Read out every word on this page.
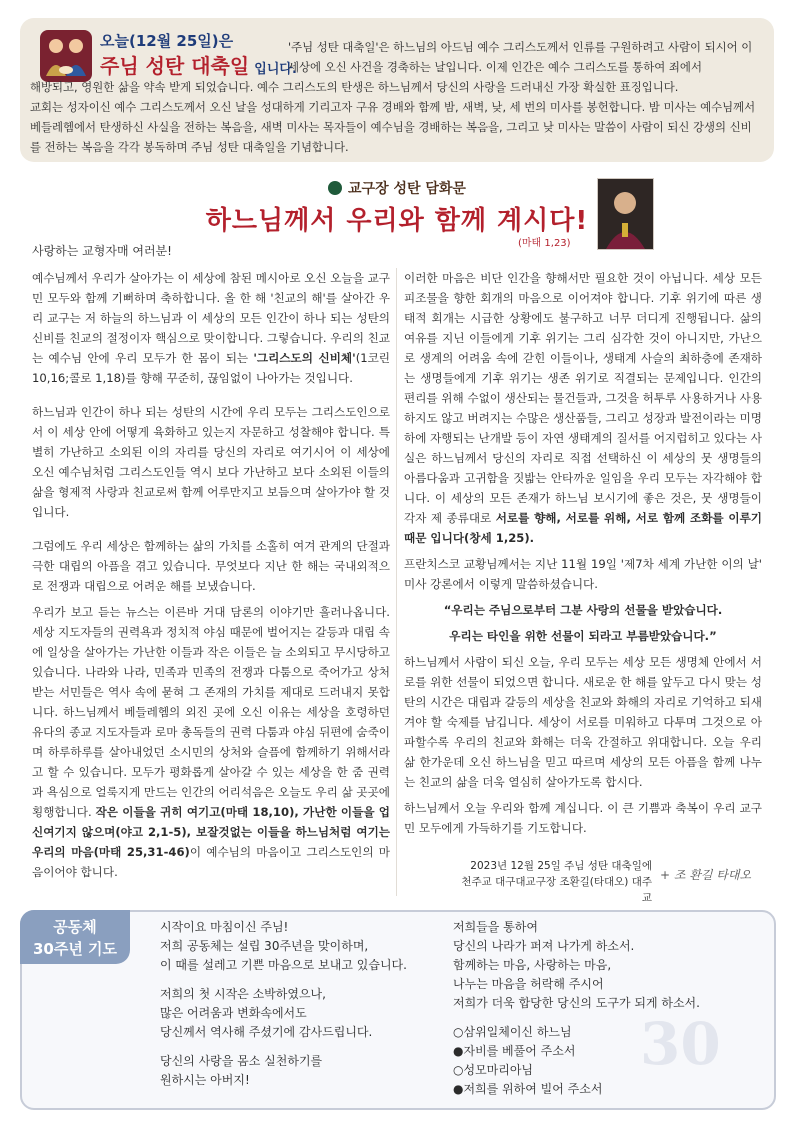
오늘(12월 25일)은
주님 성탄 대축일 입니다.
'주님 성탄 대축일'은 하느님의 아드님 예수 그리스도께서 인류를 구원하려고 사람이 되시어 이 세상에 오신 사건을 경축하는 날입니다. 이제 인간은 예수 그리스도를 통하여 죄에서

해방되고, 영원한 삶을 약속 받게 되었습니다. 예수 그리스도의 탄생은 하느님께서 당신의 사랑을 드러내신 가장 확실한 표징입니다.

교회는 성자이신 예수 그리스도께서 오신 날을 성대하게 기리고자 구유 경배와 함께 밤, 새벽, 낮, 세 번의 미사를 봉헌합니다. 밤 미사는 예수님께서 베들레헴에서 탄생하신 사실을 전하는 복음을, 새벽 미사는 목자들이 예수님을 경배하는 복음을, 그리고 낮 미사는 말씀이 사람이 되신 강생의 신비를 전하는 복음을 각각 봉독하며 주님 성탄 대축일을 기념합니다.

교구장 성탄 담화문
하느님께서 우리와 함께 계시다!
(마태 1,23)
사랑하는 교형자매 여러분!

예수님께서 우리가 살아가는 이 세상에 참된 메시아로 오신 오늘을 교구민 모두와 함께 기뻐하며 축하합니다. 올 한 해 '친교의 해'를 살아간 우리 교구는 저 하늘의 하느님과 이 세상의 모든 인간이 하나 되는 성탄의 신비를 친교의 절정이자 핵심으로 맞이합니다. 그렇습니다. 우리의 친교는 예수님 안에 우리 모두가 한 몸이 되는 '그리스도의 신비체'(1코린 10,16;콜로 1,18)를 향해 꾸준히, 끊임없이 나아가는 것입니다.

하느님과 인간이 하나 되는 성탄의 시간에 우리 모두는 그리스도인으로서 이 세상 안에 어떻게 육화하고 있는지 자문하고 성찰해야 합니다. 특별히 가난하고 소외된 이의 자리를 당신의 자리로 여기시어 이 세상에 오신 예수님처럼 그리스도인들 역시 보다 가난하고 보다 소외된 이들의 삶을 형제적 사랑과 친교로써 함께 어루만지고 보듬으며 살아가야 할 것입니다.

그럼에도 우리 세상은 함께하는 삶의 가치를 소홀히 여겨 관계의 단절과 극한 대립의 아픔을 겪고 있습니다. 무엇보다 지난 한 해는 국내외적으로 전쟁과 대립으로 어려운 해를 보냈습니다.

우리가 보고 듣는 뉴스는 이른바 거대 담론의 이야기만 흘러나옵니다. 세상 지도자들의 권력욕과 정치적 야심 때문에 벌어지는 갈등과 대립 속에 일상을 살아가는 가난한 이들과 작은 이들은 늘 소외되고 무시당하고 있습니다. 나라와 나라, 민족과 민족의 전쟁과 다툼으로 죽어가고 상처받는 서민들은 역사 속에 묻혀 그 존재의 가치를 제대로 드러내지 못합니다. 하느님께서 베들레헴의 외진 곳에 오신 이유는 세상을 호령하던 유다의 종교 지도자들과 로마 총독들의 권력 다툼과 야심 뒤편에 숨죽이며 하루하루를 살아내었던 소시민의 상처와 슬픔에 함께하기 위해서라고 할 수 있습니다. 모두가 평화롭게 살아갈 수 있는 세상을 한 줌 권력과 욕심으로 얼룩지게 만드는 인간의 어리석음은 오늘도 우리 삶 곳곳에 횡행합니다. 작은 이들을 귀히 여기고(마태 18,10), 가난한 이들을 업신여기지 않으며(야고 2,1-5), 보잘것없는 이들을 하느님처럼 여기는 우리의 마음(마태 25,31-46)이 예수님의 마음이고 그리스도인의 마음이어야 합니다.

이러한 마음은 비단 인간을 향해서만 필요한 것이 아닙니다. 세상 모든 피조물을 향한 회개의 마음으로 이어져야 합니다. 기후 위기에 따른 생태적 회개는 시급한 상황에도 불구하고 너무 더디게 진행됩니다. 삶의 여유를 지닌 이들에게 기후 위기는 그리 심각한 것이 아니지만, 가난으로 생계의 어려움 속에 갇힌 이들이나, 생태계 사슬의 최하층에 존재하는 생명들에게 기후 위기는 생존 위기로 직결되는 문제입니다. 인간의 편리를 위해 수없이 생산되는 물건들과, 그것을 허투루 사용하거나 사용하지도 않고 버려지는 수많은 생산품들, 그리고 성장과 발전이라는 미명 하에 자행되는 난개발 등이 자연 생태계의 질서를 어지럽히고 있다는 사실은 하느님께서 당신의 자리로 직접 선택하신 이 세상의 뭇 생명들의 아름다움과 고귀함을 짓밟는 안타까운 일임을 우리 모두는 자각해야 합니다. 이 세상의 모든 존재가 하느님 보시기에 좋은 것은, 뭇 생명들이 각자 제 종류대로 서로를 향해, 서로를 위해, 서로 함께 조화를 이루기 때문 입니다(창세 1,25).

프란치스코 교황님께서는 지난 11월 19일 '제7차 세계 가난한 이의 날' 미사 강론에서 이렇게 말씀하셨습니다.

“우리는 주님으로부터 그분 사랑의 선물을 받았습니다.

우리는 타인을 위한 선물이 되라고 부름받았습니다.”

하느님께서 사람이 되신 오늘, 우리 모두는 세상 모든 생명체 안에서 서로를 위한 선물이 되었으면 합니다. 새로운 한 해를 앞두고 다시 맞는 성탄의 시간은 대립과 갈등의 세상을 친교와 화해의 자리로 기억하고 되새겨야 할 숙제를 남깁니다. 세상이 서로를 미워하고 다투며 그것으로 아파할수록 우리의 친교와 화해는 더욱 간절하고 위대합니다. 오늘 우리 삶 한가운데 오신 하느님을 믿고 따르며 세상의 모든 아픔을 함께 나누는 친교의 삶을 더욱 열심히 살아가도록 합시다.

하느님께서 오늘 우리와 함께 계십니다. 이 큰 기쁨과 축복이 우리 교구민 모두에게 가득하기를 기도합니다.

2023년 12월 25일 주님 성탄 대축일에
천주교 대구대교구장 조환길(타대오) 대주교
+ 조 환길 타대오
30
공동체
30주년 기도

시작이요 마침이신 주님!
저희 공동체는 설립 30주년을 맞이하며,
이 때를 설레고 기쁜 마음으로 보내고 있습니다.

저희의 첫 시작은 소박하였으나,
많은 어려움과 변화속에서도
당신께서 역사해 주셨기에 감사드립니다.

당신의 사랑을 몸소 실천하기를
원하시는 아버지!

저희들을 통하여
당신의 나라가 퍼져 나가게 하소서.
함께하는 마음, 사랑하는 마음,
나누는 마음을 허락해 주시어
저희가 더욱 합당한 당신의 도구가 되게 하소서.

○삼위일체이신 하느님
●자비를 베풀어 주소서
○성모마리아님
●저희를 위하여 빌어 주소서
